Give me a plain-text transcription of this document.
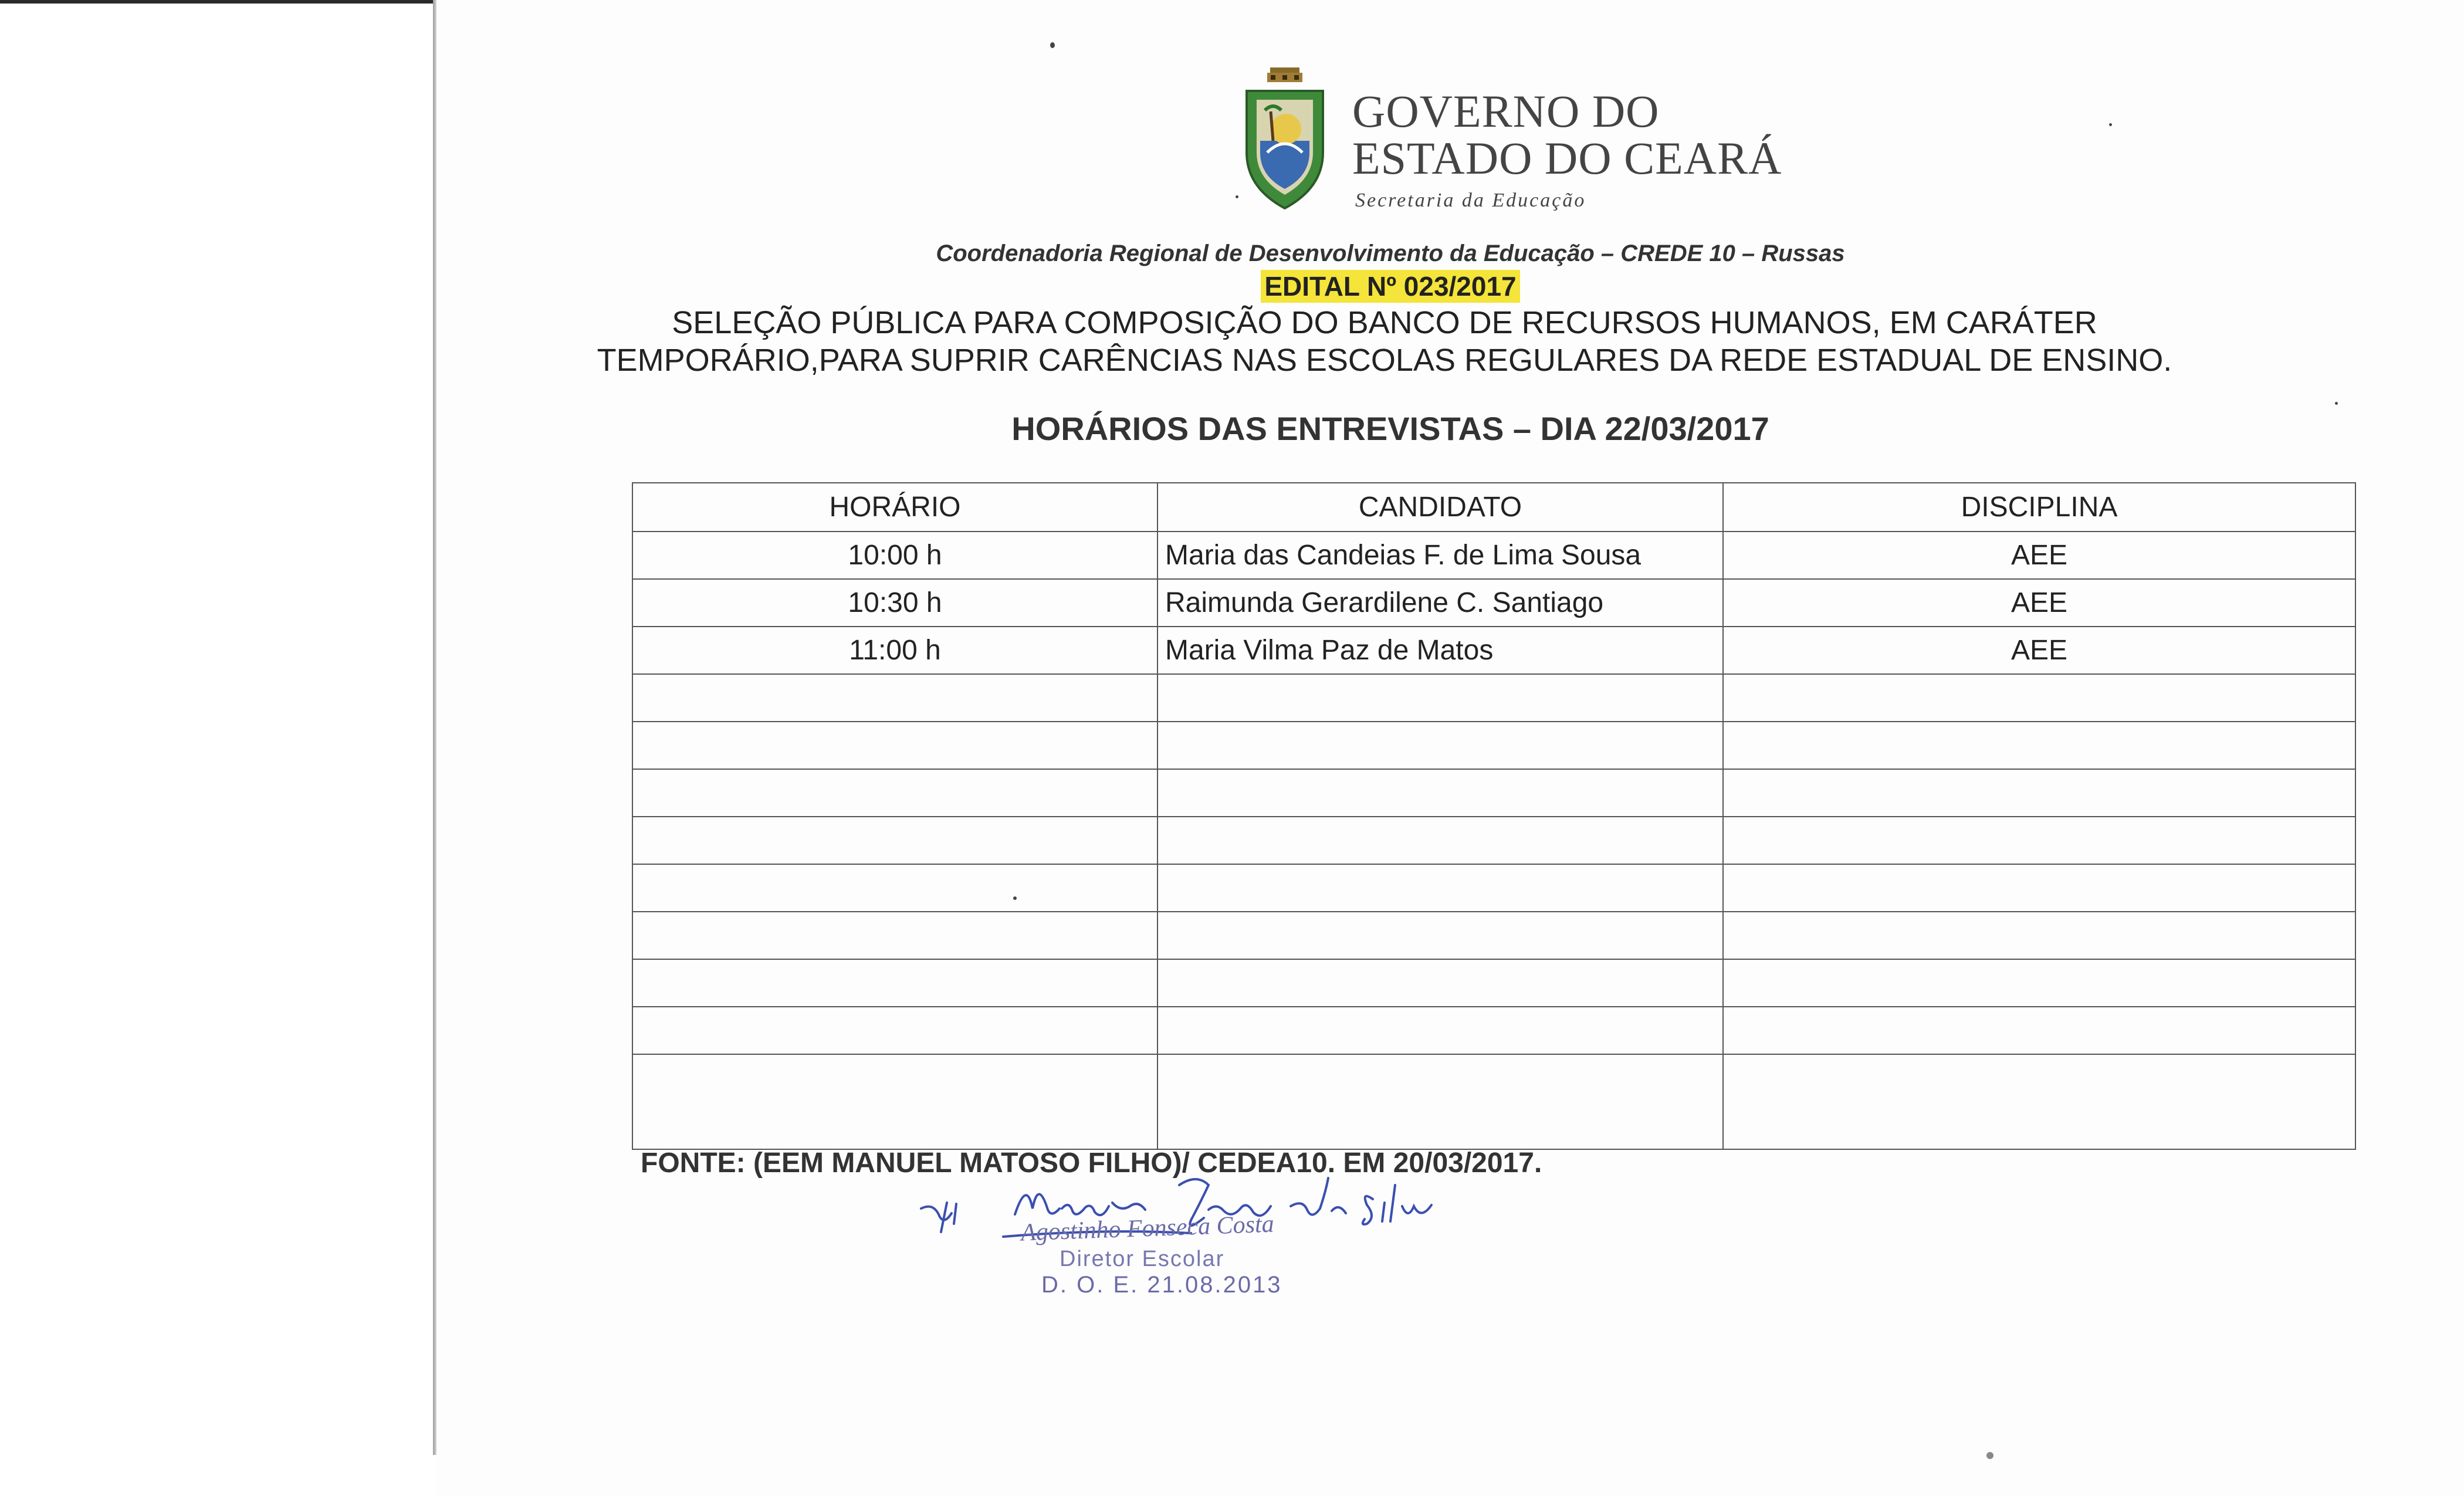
GOVERNO DO
ESTADO DO CEARÁ
Secretaria da Educação
Coordenadoria Regional de Desenvolvimento da Educação – CREDE 10 – Russas
EDITAL Nº 023/2017
SELEÇÃO PÚBLICA PARA COMPOSIÇÃO DO BANCO DE RECURSOS HUMANOS, EM CARÁTER TEMPORÁRIO,PARA SUPRIR CARÊNCIAS NAS ESCOLAS REGULARES DA REDE ESTADUAL DE ENSINO.
HORÁRIOS DAS ENTREVISTAS – DIA 22/03/2017
HORÁRIO	CANDIDATO	DISCIPLINA
10:00 h	Maria das Candeias F. de Lima Sousa	AEE
10:30 h	Raimunda Gerardilene C. Santiago	AEE
11:00 h	Maria Vilma Paz de Matos	AEE

FONTE: (EEM MANUEL MATOSO FILHO)/ CEDEA10. EM 20/03/2017.
Agostinho Fonseca Costa
Diretor Escolar
D. O. E. 21.08.2013
